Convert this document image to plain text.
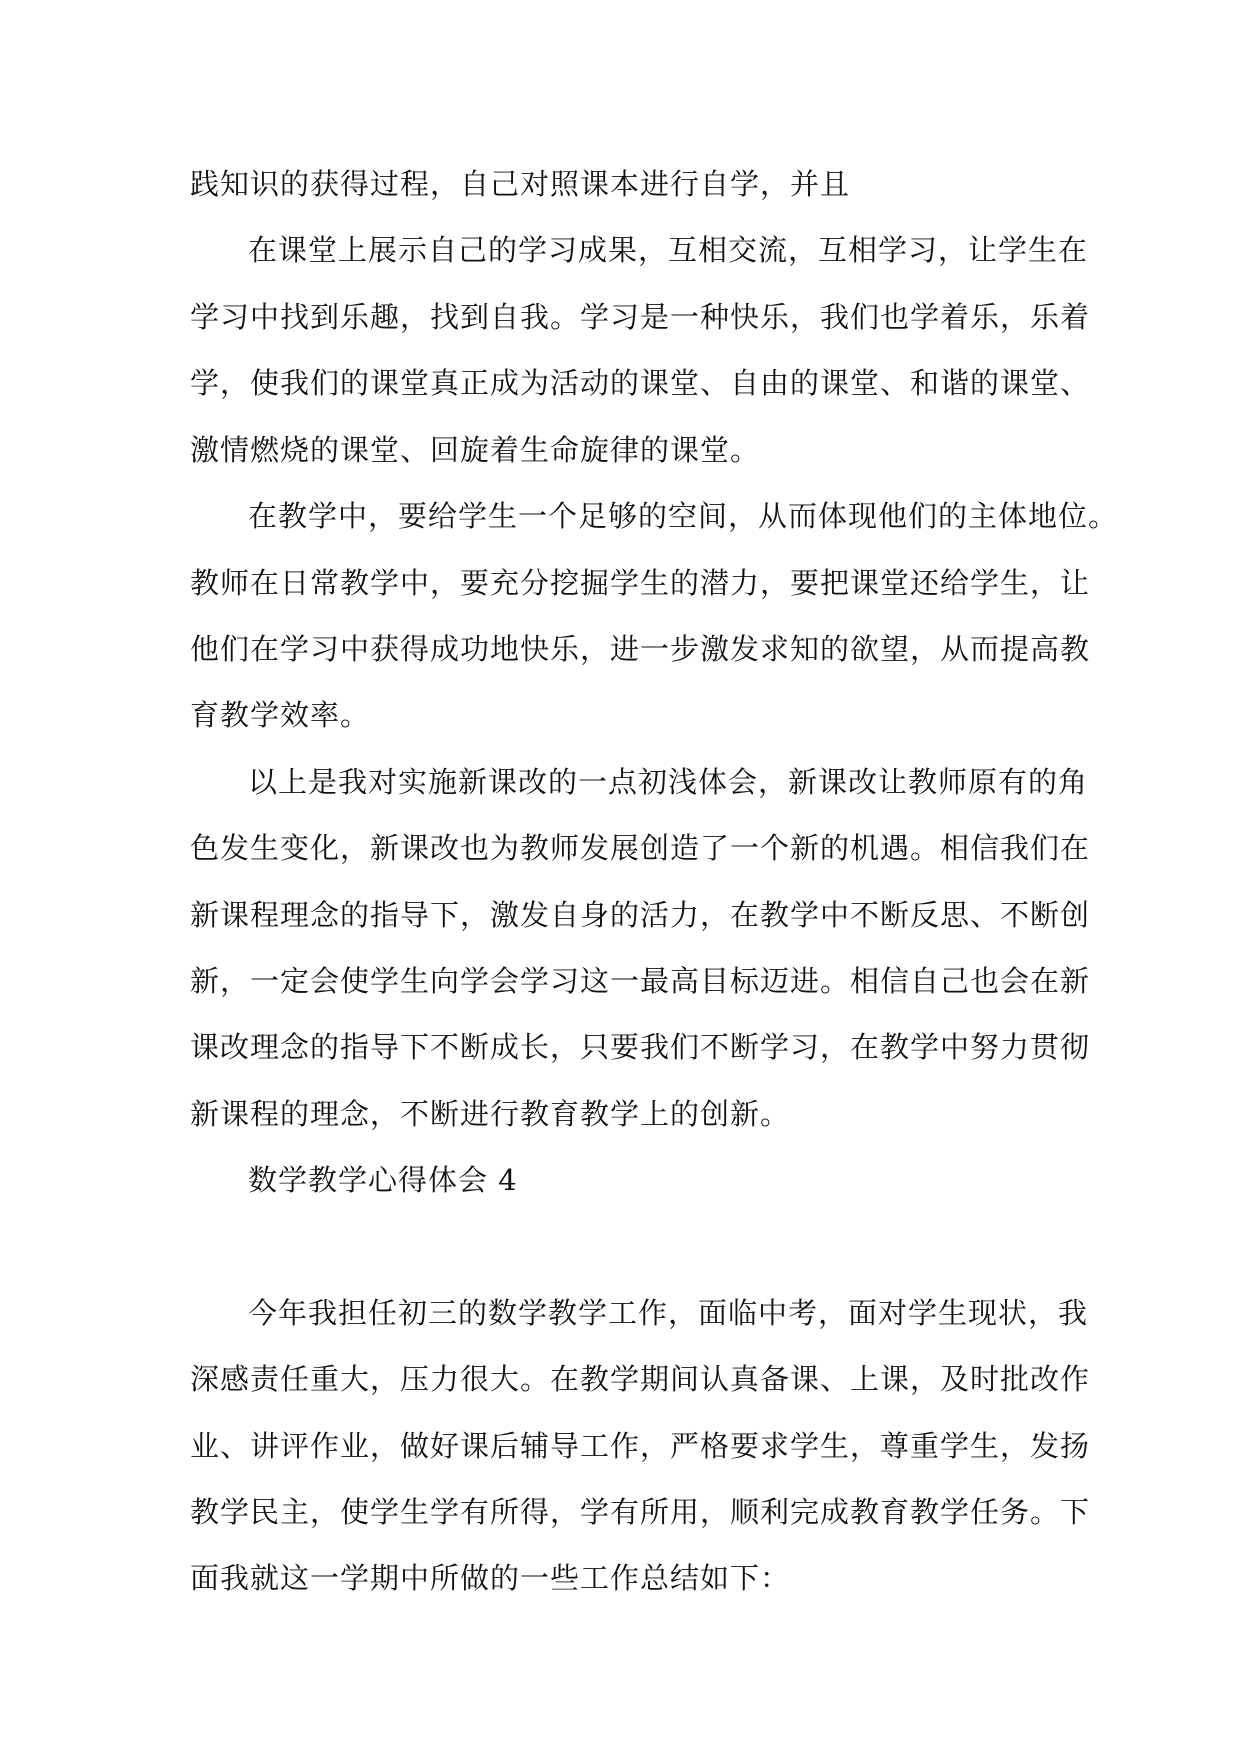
践知识的获得过程，自己对照课本进行自学，并且
在课堂上展示自己的学习成果，互相交流，互相学习，让学生在
学习中找到乐趣，找到自我。学习是一种快乐，我们也学着乐，乐着
学，使我们的课堂真正成为活动的课堂、自由的课堂、和谐的课堂、
激情燃烧的课堂、回旋着生命旋律的课堂。
在教学中，要给学生一个足够的空间，从而体现他们的主体地位。
教师在日常教学中，要充分挖掘学生的潜力，要把课堂还给学生，让
他们在学习中获得成功地快乐，进一步激发求知的欲望，从而提高教
育教学效率。
以上是我对实施新课改的一点初浅体会，新课改让教师原有的角
色发生变化，新课改也为教师发展创造了一个新的机遇。相信我们在
新课程理念的指导下，激发自身的活力，在教学中不断反思、不断创
新，一定会使学生向学会学习这一最高目标迈进。相信自己也会在新
课改理念的指导下不断成长，只要我们不断学习，在教学中努力贯彻
新课程的理念，不断进行教育教学上的创新。
数学教学心得体会 4
今年我担任初三的数学教学工作，面临中考，面对学生现状，我
深感责任重大，压力很大。在教学期间认真备课、上课，及时批改作
业、讲评作业，做好课后辅导工作，严格要求学生，尊重学生，发扬
教学民主，使学生学有所得，学有所用，顺利完成教育教学任务。下
面我就这一学期中所做的一些工作总结如下：
